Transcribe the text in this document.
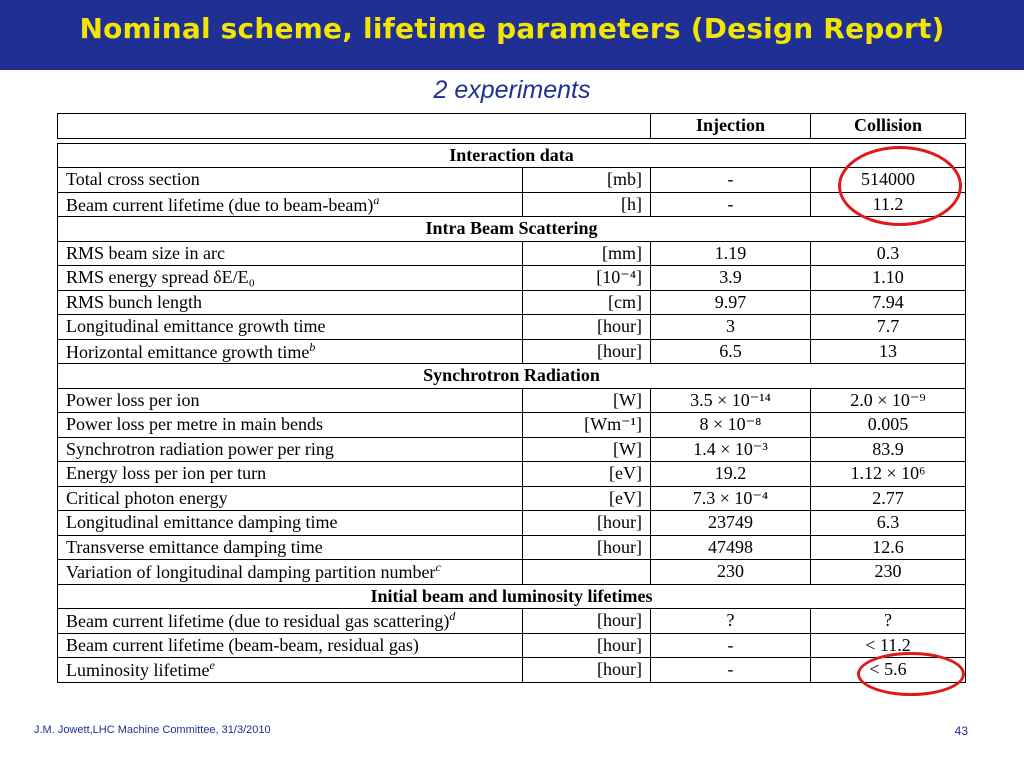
Nominal scheme, lifetime parameters (Design Report)
2 experiments
		Injection	Collision

Interaction data			
Total cross section	[mb]	-	514000
Beam current lifetime (due to beam-beam)$^a$	[h]	-	11.2
Intra Beam Scattering			
RMS beam size in arc	[mm]	1.19	0.3
RMS energy spread δE/E₀	[10⁻⁴]	3.9	1.10
RMS bunch length	[cm]	9.97	7.94
Longitudinal emittance growth time	[hour]	3	7.7
Horizontal emittance growth time$^b$	[hour]	6.5	13
Synchrotron Radiation			
Power loss per ion	[W]	3.5 × 10⁻¹⁴	2.0 × 10⁻⁹
Power loss per metre in main bends	[Wm⁻¹]	8 × 10⁻⁸	0.005
Synchrotron radiation power per ring	[W]	1.4 × 10⁻³	83.9
Energy loss per ion per turn	[eV]	19.2	1.12 × 10⁶
Critical photon energy	[eV]	7.3 × 10⁻⁴	2.77
Longitudinal emittance damping time	[hour]	23749	6.3
Transverse emittance damping time	[hour]	47498	12.6
Variation of longitudinal damping partition number$^c$		230	230
Initial beam and luminosity lifetimes			
Beam current lifetime (due to residual gas scattering)$^d$	[hour]	?	?
Beam current lifetime (beam-beam, residual gas)	[hour]	-	< 11.2
Luminosity lifetime$^e$	[hour]	-	< 5.6
J.M. Jowett,LHC Machine Committee, 31/3/2010	43
